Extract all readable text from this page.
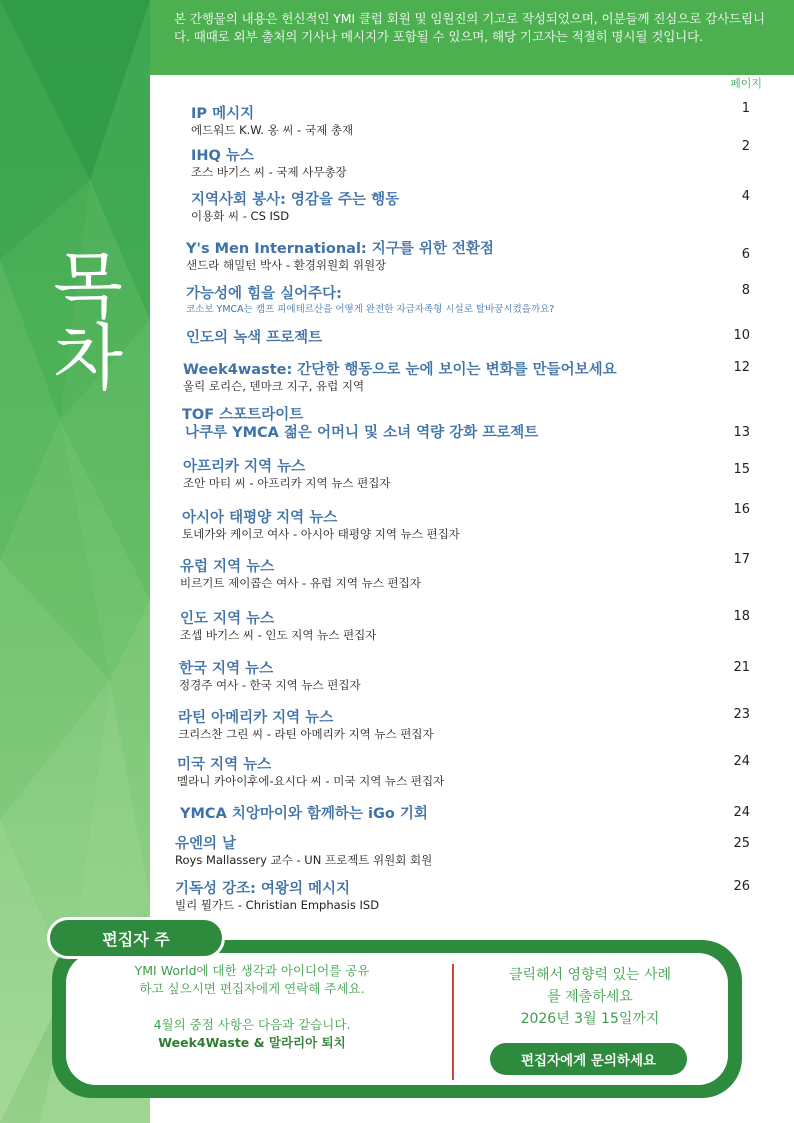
목차
본 간행물의 내용은 헌신적인 YMI 클럽 회원 및 임원진의 기고로 작성되었으며, 이분들께 진심으로 감사드립니다. 때때로 외부 출처의 기사나 메시지가 포함될 수 있으며, 해당 기고자는 적절히 명시될 것입니다.
페이지
IP 메시지
에드워드 K.W. 옹 씨 - 국제 총재
1
IHQ 뉴스
조스 바기스 씨 - 국제 사무총장
2
지역사회 봉사: 영감을 주는 행동
이용화 씨 - CS ISD
4
Y's Men International: 지구를 위한 전환점
샌드라 해밀턴 박사 - 환경위원회 위원장
6
가능성에 힘을 실어주다:
코소보 YMCA는 캠프 피에테르산을 어떻게 완전한 자급자족형 시설로 탈바꿈시켰을까요?
8
인도의 녹색 프로젝트	10
Week4waste: 간단한 행동으로 눈에 보이는 변화를 만들어보세요
울릭 로리슨, 덴마크 지구, 유럽 지역
12
TOF 스포트라이트
나쿠루 YMCA 젊은 어머니 및 소녀 역량 강화 프로젝트	13
아프리카 지역 뉴스
조안 마티 씨 - 아프리카 지역 뉴스 편집자
15
아시아 태평양 지역 뉴스
토네가와 케이코 여사 - 아시아 태평양 지역 뉴스 편집자
16
유럽 지역 뉴스
비르기트 제이콥슨 여사 - 유럽 지역 뉴스 편집자
17
인도 지역 뉴스
조셉 바기스 씨 - 인도 지역 뉴스 편집자
18
한국 지역 뉴스
정경주 여사 - 한국 지역 뉴스 편집자
21
라틴 아메리카 지역 뉴스
크리스찬 그린 씨 - 라틴 아메리카 지역 뉴스 편집자
23
미국 지역 뉴스
멜라니 카아이후에-요시다 씨 - 미국 지역 뉴스 편집자
24
YMCA 치앙마이와 함께하는 iGo 기회	24
유엔의 날
Roys Mallassery 교수 - UN 프로젝트 위원회 회원
25
기독성 강조: 여왕의 메시지
빌리 뮐가드 - Christian Emphasis ISD
26
편집자 주
YMI World에 대한 생각과 아이디어를 공유
하고 싶으시면 편집자에게 연락해 주세요.
4월의 중점 사항은 다음과 같습니다.
Week4Waste & 말라리아 퇴치
클릭해서 영향력 있는 사례
를 제출하세요
2026년 3월 15일까지
편집자에게 문의하세요
